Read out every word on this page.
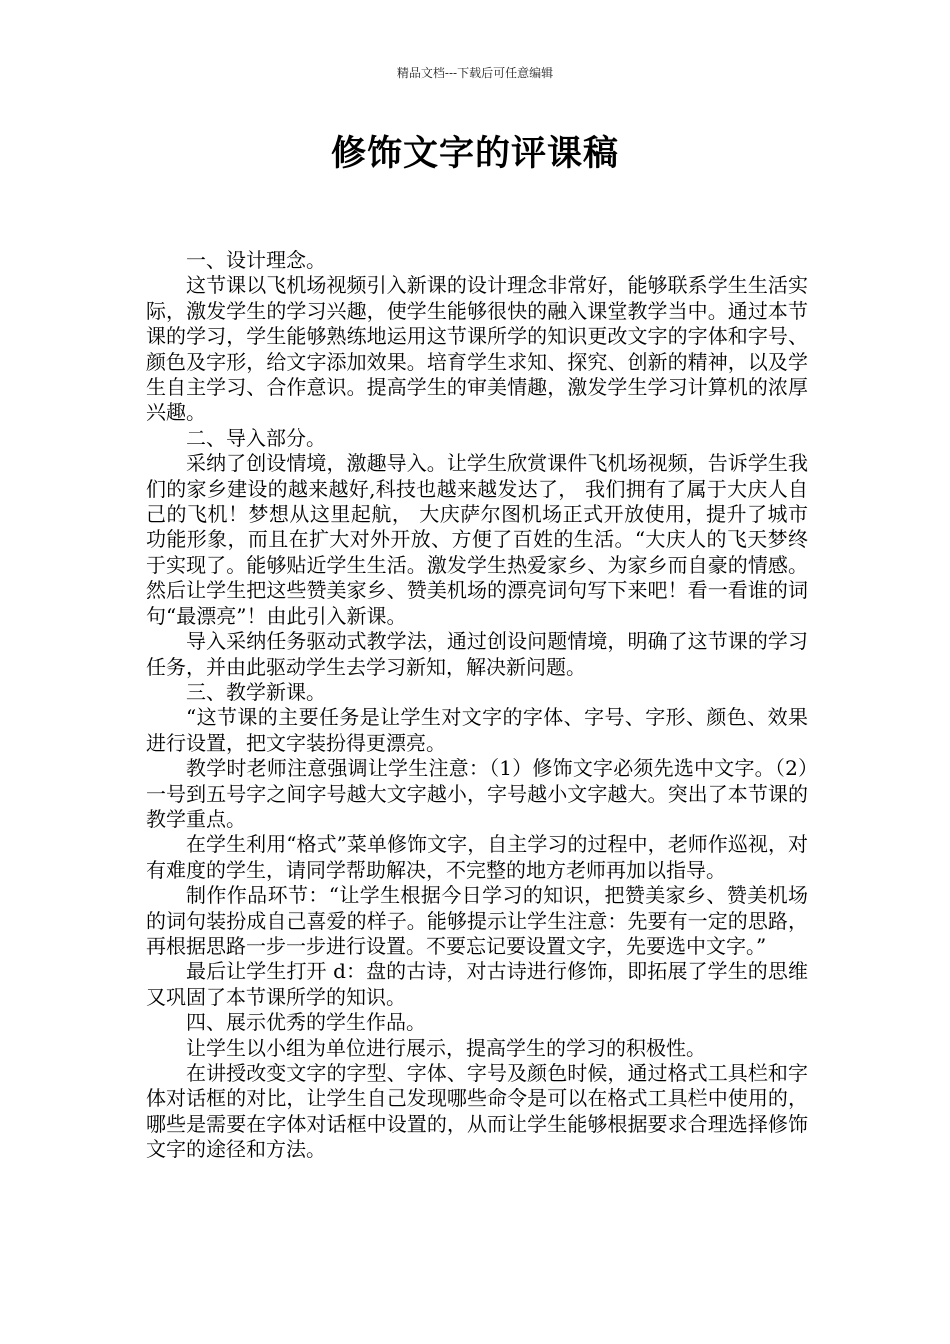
精品文档---下载后可任意编辑
修饰文字的评课稿

一、设计理念。

这节课以飞机场视频引入新课的设计理念非常好，能够联系学生生活实际，激发学生的学习兴趣，使学生能够很快的融入课堂教学当中。通过本节课的学习，学生能够熟练地运用这节课所学的知识更改文字的字体和字号、颜色及字形，给文字添加效果。培育学生求知、探究、创新的精神，以及学生自主学习、合作意识。提高学生的审美情趣，激发学生学习计算机的浓厚兴趣。

二、导入部分。

采纳了创设情境，激趣导入。让学生欣赏课件飞机场视频，告诉学生我们的家乡建设的越来越好,科技也越来越发达了， 我们拥有了属于大庆人自己的飞机！梦想从这里起航， 大庆萨尔图机场正式开放使用，提升了城市功能形象，而且在扩大对外开放、方便了百姓的生活。“大庆人的飞天梦终于实现了。能够贴近学生生活。激发学生热爱家乡、为家乡而自豪的情感。然后让学生把这些赞美家乡、赞美机场的漂亮词句写下来吧！看一看谁的词句“最漂亮”！由此引入新课。

导入采纳任务驱动式教学法，通过创设问题情境，明确了这节课的学习任务，并由此驱动学生去学习新知，解决新问题。

三、教学新课。

“这节课的主要任务是让学生对文字的字体、字号、字形、颜色、效果进行设置，把文字装扮得更漂亮。

教学时老师注意强调让学生注意：（1）修饰文字必须先选中文字。（2）一号到五号字之间字号越大文字越小，字号越小文字越大。突出了本节课的教学重点。

在学生利用“格式”菜单修饰文字，自主学习的过程中，老师作巡视，对有难度的学生，请同学帮助解决，不完整的地方老师再加以指导。

制作作品环节：“让学生根据今日学习的知识，把赞美家乡、赞美机场的词句装扮成自己喜爱的样子。能够提示让学生注意：先要有一定的思路，再根据思路一步一步进行设置。不要忘记要设置文字，先要选中文字。”

最后让学生打开 d：盘的古诗，对古诗进行修饰，即拓展了学生的思维又巩固了本节课所学的知识。

四、展示优秀的学生作品。

让学生以小组为单位进行展示，提高学生的学习的积极性。

在讲授改变文字的字型、字体、字号及颜色时候，通过格式工具栏和字体对话框的对比，让学生自己发现哪些命令是可以在格式工具栏中使用的，哪些是需要在字体对话框中设置的，从而让学生能够根据要求合理选择修饰文字的途径和方法。
